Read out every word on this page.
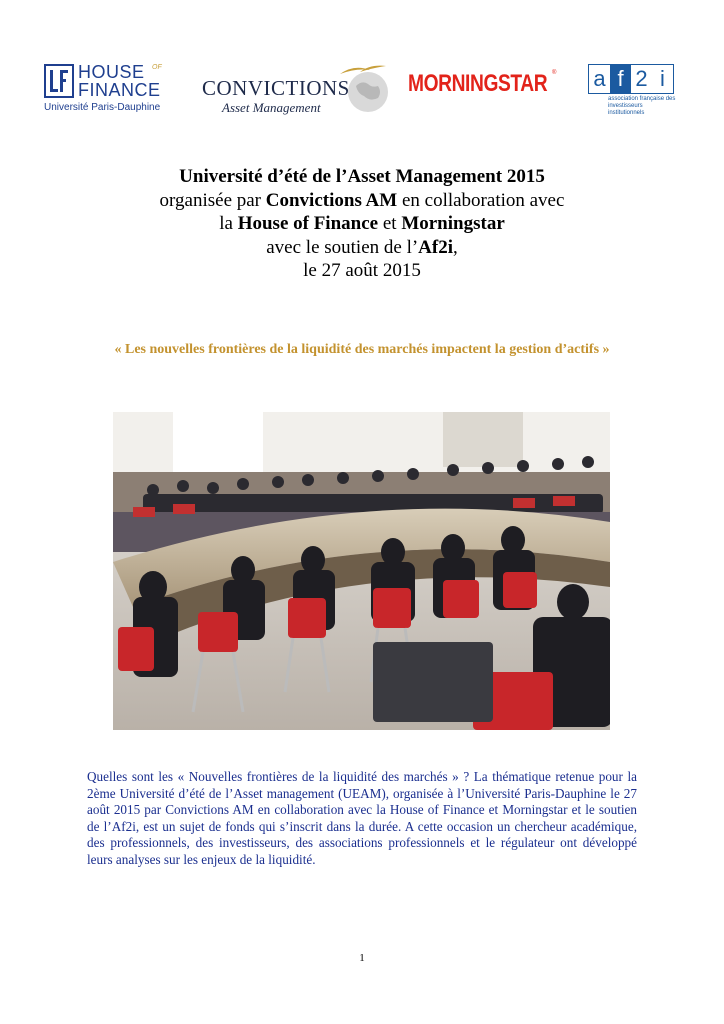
HOUSE OF
FINANCE
Université Paris-Dauphine
CONVICTIONS
Asset Management
MORNINGSTAR ® a f 2 i
association française des investisseurs institutionnels
Université d’été de l’Asset Management 2015
organisée par Convictions AM en collaboration avec
la House of Finance et Morningstar
avec le soutien de l’Af2i,
le 27 août 2015
« Les nouvelles frontières de la liquidité des marchés impactent la gestion d’actifs »
Quelles sont les « Nouvelles frontières de la liquidité des marchés » ? La thématique retenue pour la 2ème Université d’été de l’Asset management (UEAM), organisée à l’Université Paris-Dauphine le 27 août 2015 par Convictions AM en collaboration avec la House of Finance et Morningstar et le soutien de l’Af2i, est un sujet de fonds qui s’inscrit dans la durée. A cette occasion un chercheur académique, des professionnels, des investisseurs, des associations professionnels et le régulateur ont développé leurs analyses sur les enjeux de la liquidité.
1
